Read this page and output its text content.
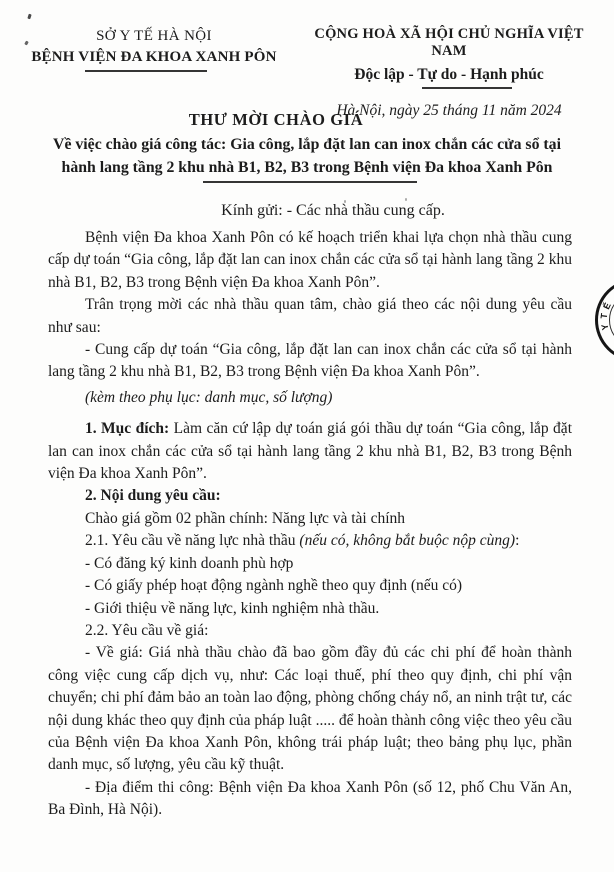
SỞ Y TẾ HÀ NỘI
BỆNH VIỆN ĐA KHOA XANH PÔN
CỘNG HOÀ XÃ HỘI CHỦ NGHĨA VIỆT NAM
Độc lập - Tự do - Hạnh phúc
Hà Nội, ngày 25 tháng 11 năm 2024
THƯ MỜI CHÀO GIÁ
Về việc chào giá công tác: Gia công, lắp đặt lan can inox chắn các cửa sổ tại
hành lang tầng 2 khu nhà B1, B2, B3 trong Bệnh viện Đa khoa Xanh Pôn
Kính gửi: - Các nhà thầu cung cấp.

Bệnh viện Đa khoa Xanh Pôn có kế hoạch triển khai lựa chọn nhà thầu cung cấp dự toán “Gia công, lắp đặt lan can inox chắn các cửa sổ tại hành lang tầng 2 khu nhà B1, B2, B3 trong Bệnh viện Đa khoa Xanh Pôn”.

Trân trọng mời các nhà thầu quan tâm, chào giá theo các nội dung yêu cầu như sau:

- Cung cấp dự toán “Gia công, lắp đặt lan can inox chắn các cửa sổ tại hành lang tầng 2 khu nhà B1, B2, B3 trong Bệnh viện Đa khoa Xanh Pôn”.

(kèm theo phụ lục: danh mục, số lượng)

1. Mục đích: Làm căn cứ lập dự toán giá gói thầu dự toán “Gia công, lắp đặt lan can inox chắn các cửa sổ tại hành lang tầng 2 khu nhà B1, B2, B3 trong Bệnh viện Đa khoa Xanh Pôn”.

2. Nội dung yêu cầu:

Chào giá gồm 02 phần chính: Năng lực và tài chính

2.1. Yêu cầu về năng lực nhà thầu (nếu có, không bắt buộc nộp cùng):

- Có đăng ký kinh doanh phù hợp

- Có giấy phép hoạt động ngành nghề theo quy định (nếu có)

- Giới thiệu về năng lực, kinh nghiệm nhà thầu.

2.2. Yêu cầu về giá:

- Về giá: Giá nhà thầu chào đã bao gồm đầy đủ các chi phí để hoàn thành công việc cung cấp dịch vụ, như: Các loại thuế, phí theo quy định, chi phí vận chuyển; chi phí đảm bảo an toàn lao động, phòng chống cháy nổ, an ninh trật tư, các nội dung khác theo quy định của pháp luật ..... để hoàn thành công việc theo yêu cầu của Bệnh viện Đa khoa Xanh Pôn, không trái pháp luật; theo bảng phụ lục, phần danh mục, số lượng, yêu cầu kỹ thuật.

- Địa điểm thi công: Bệnh viện Đa khoa Xanh Pôn (số 12, phố Chu Văn An, Ba Đình, Hà Nội).

Ế
T
Y
